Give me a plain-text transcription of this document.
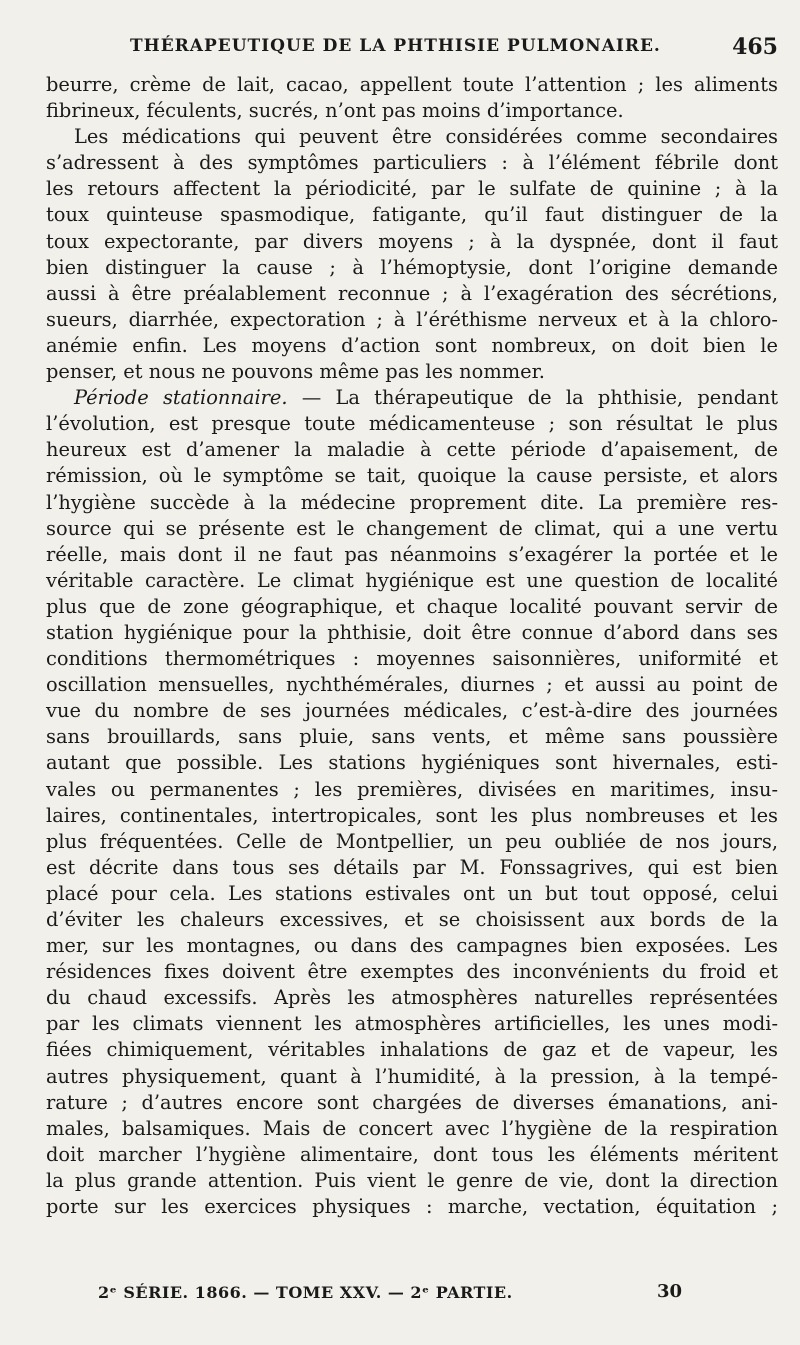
THÉRAPEUTIQUE DE LA PHTHISIE PULMONAIRE.	465
beurre, crème de lait, cacao, appellent toute l’attention ; les aliments
fibrineux, féculents, sucrés, n’ont pas moins d’importance.
Les médications qui peuvent être considérées comme secondaires
s’adressent à des symptômes particuliers : à l’élément fébrile dont
les retours affectent la périodicité, par le sulfate de quinine ; à la
toux quinteuse spasmodique, fatigante, qu’il faut distinguer de la
toux expectorante, par divers moyens ; à la dyspnée, dont il faut
bien distinguer la cause ; à l’hémoptysie, dont l’origine demande
aussi à être préalablement reconnue ; à l’exagération des sécrétions,
sueurs, diarrhée, expectoration ; à l’éréthisme nerveux et à la chloro-
anémie enfin. Les moyens d’action sont nombreux, on doit bien le
penser, et nous ne pouvons même pas les nommer.
Période stationnaire. — La thérapeutique de la phthisie, pendant
l’évolution, est presque toute médicamenteuse ; son résultat le plus
heureux est d’amener la maladie à cette période d’apaisement, de
rémission, où le symptôme se tait, quoique la cause persiste, et alors
l’hygiène succède à la médecine proprement dite. La première res-
source qui se présente est le changement de climat, qui a une vertu
réelle, mais dont il ne faut pas néanmoins s’exagérer la portée et le
véritable caractère. Le climat hygiénique est une question de localité
plus que de zone géographique, et chaque localité pouvant servir de
station hygiénique pour la phthisie, doit être connue d’abord dans ses
conditions thermométriques : moyennes saisonnières, uniformité et
oscillation mensuelles, nychthémérales, diurnes ; et aussi au point de
vue du nombre de ses journées médicales, c’est-à-dire des journées
sans brouillards, sans pluie, sans vents, et même sans poussière
autant que possible. Les stations hygiéniques sont hivernales, esti-
vales ou permanentes ; les premières, divisées en maritimes, insu-
laires, continentales, intertropicales, sont les plus nombreuses et les
plus fréquentées. Celle de Montpellier, un peu oubliée de nos jours,
est décrite dans tous ses détails par M. Fonssagrives, qui est bien
placé pour cela. Les stations estivales ont un but tout opposé, celui
d’éviter les chaleurs excessives, et se choisissent aux bords de la
mer, sur les montagnes, ou dans des campagnes bien exposées. Les
résidences fixes doivent être exemptes des inconvénients du froid et
du chaud excessifs. Après les atmosphères naturelles représentées
par les climats viennent les atmosphères artificielles, les unes modi-
fiées chimiquement, véritables inhalations de gaz et de vapeur, les
autres physiquement, quant à l’humidité, à la pression, à la tempé-
rature ; d’autres encore sont chargées de diverses émanations, ani-
males, balsamiques. Mais de concert avec l’hygiène de la respiration
doit marcher l’hygiène alimentaire, dont tous les éléments méritent
la plus grande attention. Puis vient le genre de vie, dont la direction
porte sur les exercices physiques : marche, vectation, équitation ;
2ᵉ SÉRIE. 1866. — TOME XXV. — 2ᵉ PARTIE.	30
